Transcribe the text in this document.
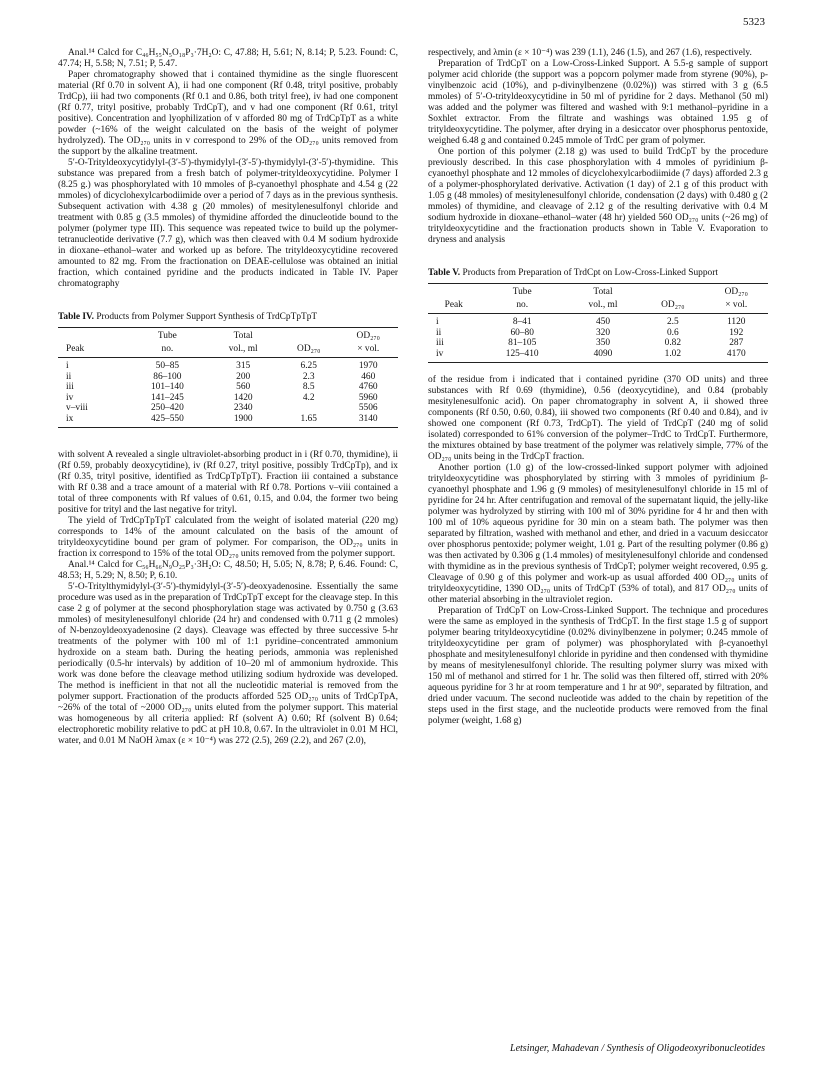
5323

Anal.¹⁴ Calcd for C₄₆H₅₅N₅O₁₈P₃·7H₂O: C, 47.88; H, 5.61; N, 8.14; P, 5.23. Found: C, 47.74; H, 5.58; N, 7.51; P, 5.47.

Paper chromatography showed that i contained thymidine as the single fluorescent material (Rf 0.70 in solvent A), ii had one component (Rf 0.48, trityl positive, probably TrdCp), iii had two components (Rf 0.1 and 0.86, both trityl free), iv had one component (Rf 0.77, trityl positive, probably TrdCpT), and v had one component (Rf 0.61, trityl positive). Concentration and lyophilization of v afforded 80 mg of TrdCpTpT as a white powder (~16% of the weight calculated on the basis of the weight of polymer hydrolyzed). The OD₂₇₀ units in v correspond to 29% of the OD₂₇₀ units removed from the support by the alkaline treatment.

5′-O-Trityldeoxycytidylyl-(3′-5′)-thymidylyl-(3′-5′)-thymidylyl-(3′-5′)-thymidine. This substance was prepared from a fresh batch of polymer-trityldeoxycytidine. Polymer I (8.25 g.) was phosphorylated with 10 mmoles of β-cyanoethyl phosphate and 4.54 g (22 mmoles) of dicyclohexylcarbodiimide over a period of 7 days as in the previous synthesis. Subsequent activation with 4.38 g (20 mmoles) of mesitylenesulfonyl chloride and treatment with 0.85 g (3.5 mmoles) of thymidine afforded the dinucleotide bound to the polymer (polymer type III). This sequence was repeated twice to build up the polymer-tetranucleotide derivative (7.7 g), which was then cleaved with 0.4 M sodium hydroxide in dioxane–ethanol–water and worked up as before. The trityldeoxycytidine recovered amounted to 82 mg. From the fractionation on DEAE-cellulose was obtained an initial fraction, which contained pyridine and the products indicated in Table IV. Paper chromatography

Table IV. Products from Polymer Support Synthesis of TrdCpTpTpT
	Tube	Total		OD₂₇₀
Peak	no.	vol., ml	OD₂₇₀	× vol.
i	50–85	315	6.25	1970
ii	86–100	200	2.3	460
iii	101–140	560	8.5	4760
iv	141–245	1420	4.2	5960
v–viii	250–420	2340		5506
ix	425–550	1900	1.65	3140

with solvent A revealed a single ultraviolet-absorbing product in i (Rf 0.70, thymidine), ii (Rf 0.59, probably deoxycytidine), iv (Rf 0.27, trityl positive, possibly TrdCpTp), and ix (Rf 0.35, trityl positive, identified as TrdCpTpTpT). Fraction iii contained a substance with Rf 0.38 and a trace amount of a material with Rf 0.78. Portions v–viii contained a total of three components with Rf values of 0.61, 0.15, and 0.04, the former two being positive for trityl and the last negative for trityl.

The yield of TrdCpTpTpT calculated from the weight of isolated material (220 mg) corresponds to 14% of the amount calculated on the basis of the amount of trityldeoxycytidine bound per gram of polymer. For comparison, the OD₂₇₀ units in fraction ix correspond to 15% of the total OD₂₇₀ units removed from the polymer support.

Anal.¹⁴ Calcd for C₅₆H₆₆N₉O₂₅P₃·3H₂O: C, 48.50; H, 5.05; N, 8.78; P, 6.46. Found: C, 48.53; H, 5.29; N, 8.50; P, 6.10.

5′-O-Tritylthymidylyl-(3′-5′)-thymidylyl-(3′-5′)-deoxyadenosine. Essentially the same procedure was used as in the preparation of TrdCpTpT except for the cleavage step. In this case 2 g of polymer at the second phosphorylation stage was activated by 0.750 g (3.63 mmoles) of mesitylenesulfonyl chloride (24 hr) and condensed with 0.711 g (2 mmoles) of N-benzoyldeoxyadenosine (2 days). Cleavage was effected by three successive 5-hr treatments of the polymer with 100 ml of 1:1 pyridine–concentrated ammonium hydroxide on a steam bath. During the heating periods, ammonia was replenished periodically (0.5-hr intervals) by addition of 10–20 ml of ammonium hydroxide. This work was done before the cleavage method utilizing sodium hydroxide was developed. The method is inefficient in that not all the nucleotidic material is removed from the polymer support. Fractionation of the products afforded 525 OD₂₇₀ units of TrdCpTpA, ~26% of the total of ~2000 OD₂₇₀ units eluted from the polymer support. This material was homogeneous by all criteria applied: Rf (solvent A) 0.60; Rf (solvent B) 0.64; electrophoretic mobility relative to pdC at pH 10.8, 0.67. In the ultraviolet in 0.01 M HCl, water, and 0.01 M NaOH λmax (ε × 10⁻⁴) was 272 (2.5), 269 (2.2), and 267 (2.0),

respectively, and λmin (ε × 10⁻⁴) was 239 (1.1), 246 (1.5), and 267 (1.6), respectively.

Preparation of TrdCpT on a Low-Cross-Linked Support. A 5.5-g sample of support polymer acid chloride (the support was a popcorn polymer made from styrene (90%), p-vinylbenzoic acid (10%), and p-divinylbenzene (0.02%)) was stirred with 3 g (6.5 mmoles) of 5′-O-trityldeoxycytidine in 50 ml of pyridine for 2 days. Methanol (50 ml) was added and the polymer was filtered and washed with 9:1 methanol–pyridine in a Soxhlet extractor. From the filtrate and washings was obtained 1.95 g of trityldeoxycytidine. The polymer, after drying in a desiccator over phosphorus pentoxide, weighed 6.48 g and contained 0.245 mmole of TrdC per gram of polymer.

One portion of this polymer (2.18 g) was used to build TrdCpT by the procedure previously described. In this case phosphorylation with 4 mmoles of pyridinium β-cyanoethyl phosphate and 12 mmoles of dicyclohexylcarbodiimide (7 days) afforded 2.3 g of a polymer-phosphorylated derivative. Activation (1 day) of 2.1 g of this product with 1.05 g (48 mmoles) of mesitylenesulfonyl chloride, condensation (2 days) with 0.480 g (2 mmoles) of thymidine, and cleavage of 2.12 g of the resulting derivative with 0.4 M sodium hydroxide in dioxane–ethanol–water (48 hr) yielded 560 OD₂₇₀ units (~26 mg) of trityldeoxycytidine and the fractionation products shown in Table V. Evaporation to dryness and analysis

Table V. Products from Preparation of TrdCpt on Low-Cross-Linked Support
	Tube	Total		OD₂₇₀
Peak	no.	vol., ml	OD₂₇₀	× vol.
i	8–41	450	2.5	1120
ii	60–80	320	0.6	192
iii	81–105	350	0.82	287
iv	125–410	4090	1.02	4170

of the residue from i indicated that i contained pyridine (370 OD units) and three substances with Rf 0.69 (thymidine), 0.56 (deoxycytidine), and 0.84 (probably mesitylenesulfonic acid). On paper chromatography in solvent A, ii showed three components (Rf 0.50, 0.60, 0.84), iii showed two components (Rf 0.40 and 0.84), and iv showed one component (Rf 0.73, TrdCpT). The yield of TrdCpT (240 mg of solid isolated) corresponded to 61% conversion of the polymer–TrdC to TrdCpT. Furthermore, the mixtures obtained by base treatment of the polymer was relatively simple, 77% of the OD₂₇₀ units being in the TrdCpT fraction.

Another portion (1.0 g) of the low-crossed-linked support polymer with adjoined trityldeoxycytidine was phosphorylated by stirring with 3 mmoles of pyridinium β-cyanoethyl phosphate and 1.96 g (9 mmoles) of mesitylenesulfonyl chloride in 15 ml of pyridine for 24 hr. After centrifugation and removal of the supernatant liquid, the jelly-like polymer was hydrolyzed by stirring with 100 ml of 30% pyridine for 4 hr and then with 100 ml of 10% aqueous pyridine for 30 min on a steam bath. The polymer was then separated by filtration, washed with methanol and ether, and dried in a vacuum desiccator over phosphorus pentoxide; polymer weight, 1.01 g. Part of the resulting polymer (0.86 g) was then activated by 0.306 g (1.4 mmoles) of mesitylenesulfonyl chloride and condensed with thymidine as in the previous synthesis of TrdCpT; polymer weight recovered, 0.95 g. Cleavage of 0.90 g of this polymer and work-up as usual afforded 400 OD₂₇₀ units of trityldeoxycytidine, 1390 OD₂₇₀ units of TrdCpT (53% of total), and 817 OD₂₇₀ units of other material absorbing in the ultraviolet region.

Preparation of TrdCpT on Low-Cross-Linked Support. The technique and procedures were the same as employed in the synthesis of TrdCpT. In the first stage 1.5 g of support polymer bearing trityldeoxycytidine (0.02% divinylbenzene in polymer; 0.245 mmole of trityldeoxycytidine per gram of polymer) was phosphorylated with β-cyanoethyl phosphate and mesitylenesulfonyl chloride in pyridine and then condensed with thymidine by means of mesitylenesulfonyl chloride. The resulting polymer slurry was mixed with 150 ml of methanol and stirred for 1 hr. The solid was then filtered off, stirred with 20% aqueous pyridine for 3 hr at room temperature and 1 hr at 90°, separated by filtration, and dried under vacuum. The second nucleotide was added to the chain by repetition of the steps used in the first stage, and the nucleotide products were removed from the final polymer (weight, 1.68 g)

Letsinger, Mahadevan / Synthesis of Oligodeoxyribonucleotides
